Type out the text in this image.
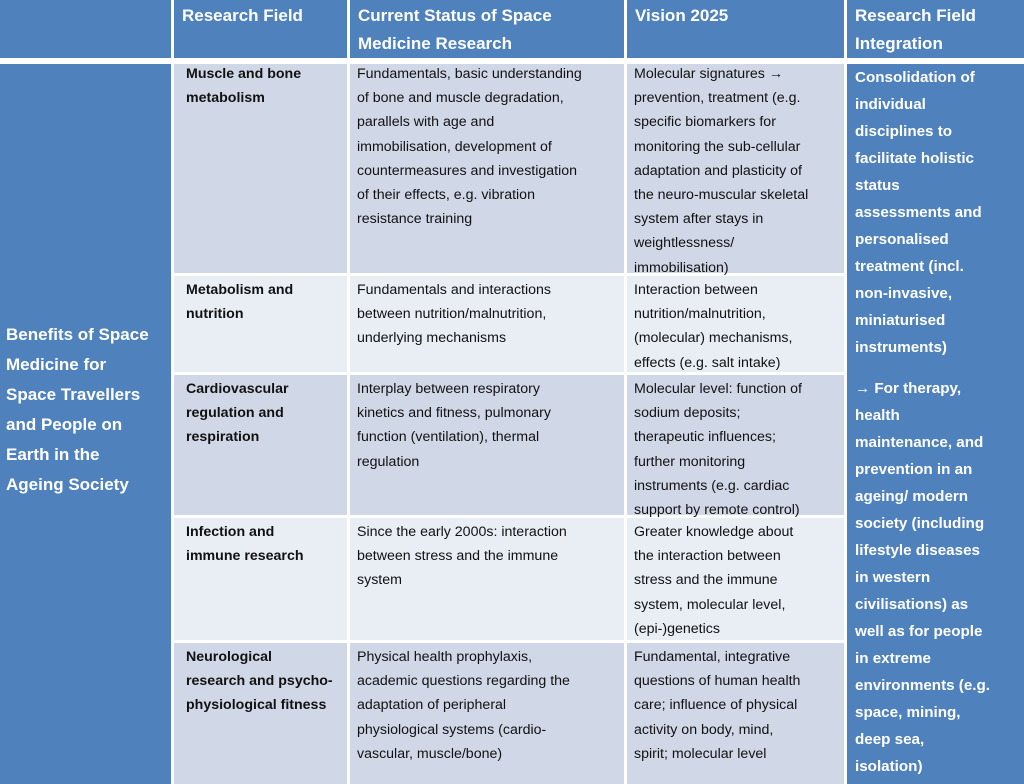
Benefits of Space
Medicine for
Space Travellers
and People on
Earth in the
Ageing Society
Research Field	Current Status of Space
Medicine Research
Vision 2025	Research Field
Integration
Consolidation of
individual
disciplines to
facilitate holistic
status
assessments and
personalised
treatment (incl.
non-invasive,
miniaturised
instruments)
→ For therapy,
health
maintenance, and
prevention in an
ageing/ modern
society (including
lifestyle diseases
in western
civilisations) as
well as for people
in extreme
environments (e.g.
space, mining,
deep sea,
isolation)
Muscle and bone
metabolism
Fundamentals, basic understanding
of bone and muscle degradation,
parallels with age and
immobilisation, development of
countermeasures and investigation
of their effects, e.g. vibration
resistance training
Molecular signatures →
prevention, treatment (e.g.
specific biomarkers for
monitoring the sub-cellular
adaptation and plasticity of
the neuro-muscular skeletal
system after stays in
weightlessness/
immobilisation)
Metabolism and
nutrition
Fundamentals and interactions
between nutrition/malnutrition,
underlying mechanisms
Interaction between
nutrition/malnutrition,
(molecular) mechanisms,
effects (e.g. salt intake)
Cardiovascular
regulation and
respiration
Interplay between respiratory
kinetics and fitness, pulmonary
function (ventilation), thermal
regulation
Molecular level: function of
sodium deposits;
therapeutic influences;
further monitoring
instruments (e.g. cardiac
support by remote control)
Infection and
immune research
Since the early 2000s: interaction
between stress and the immune
system
Greater knowledge about
the interaction between
stress and the immune
system, molecular level,
(epi-)genetics
Neurological
research and psycho-
physiological fitness
Physical health prophylaxis,
academic questions regarding the
adaptation of peripheral
physiological systems (cardio-
vascular, muscle/bone)
Fundamental, integrative
questions of human health
care; influence of physical
activity on body, mind,
spirit; molecular level
